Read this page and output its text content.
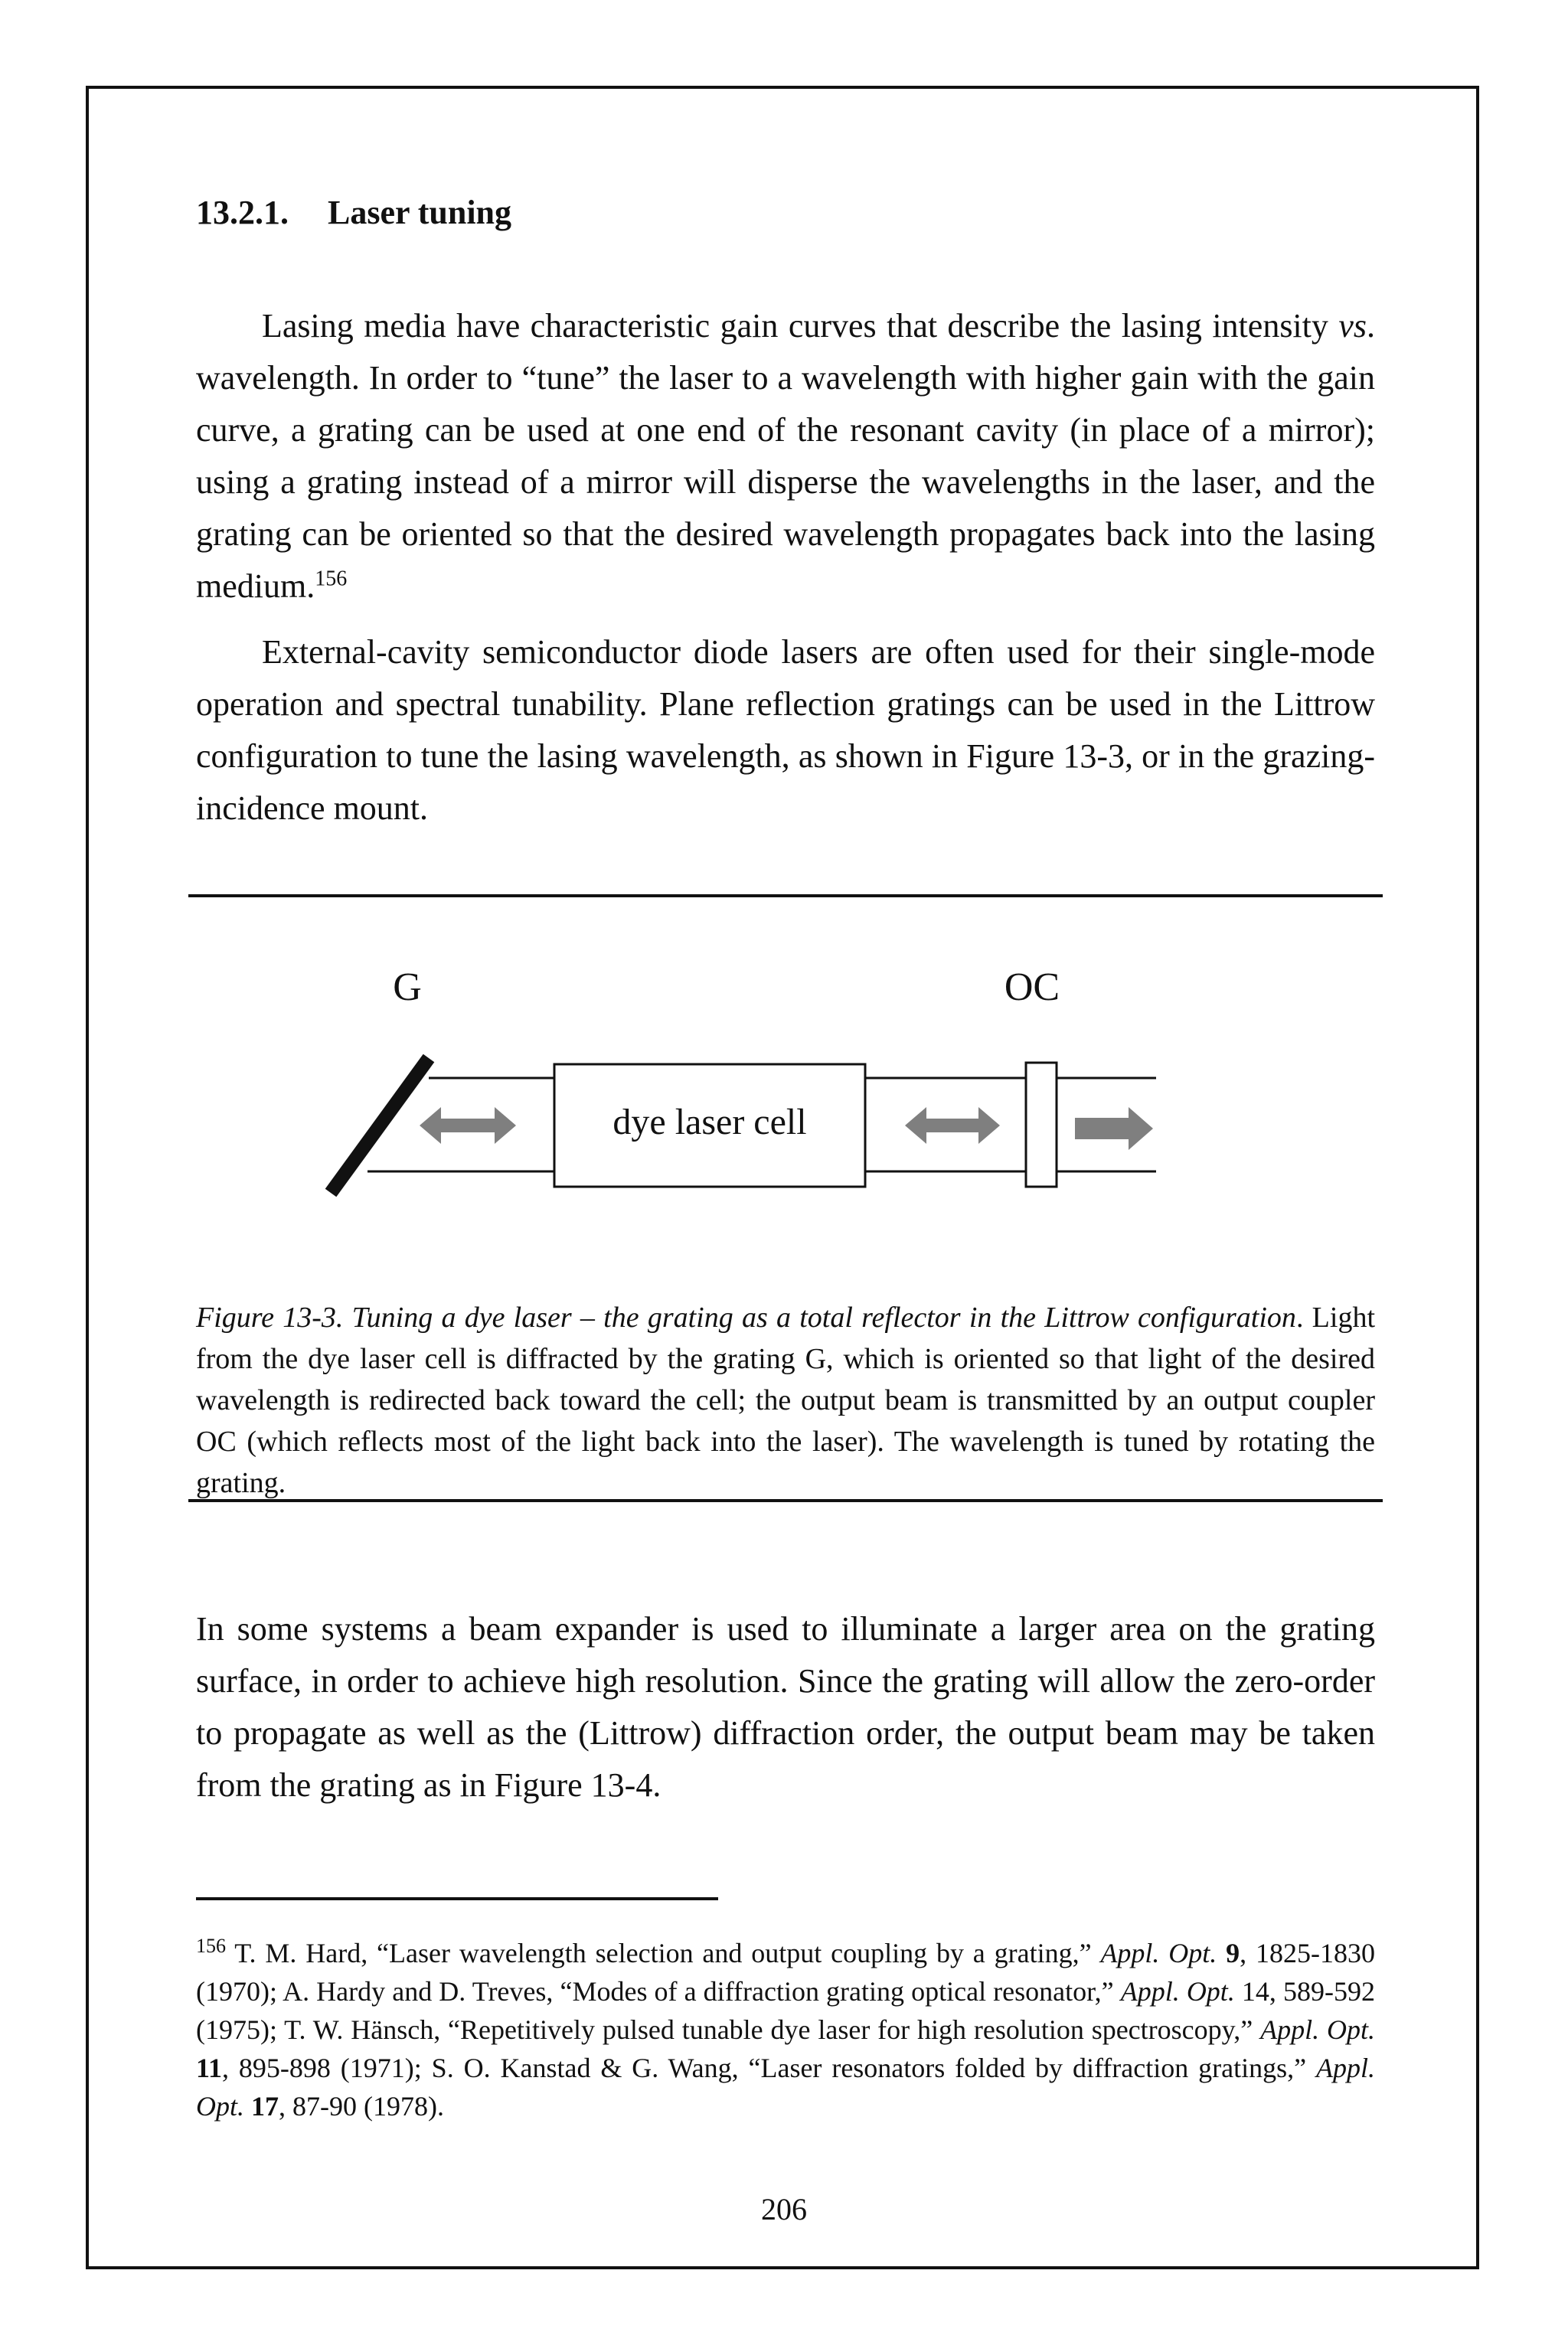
13.2.1. Laser tuning

Lasing media have characteristic gain curves that describe the lasing intensity vs. wavelength. In order to “tune” the laser to a wavelength with higher gain with the gain curve, a grating can be used at one end of the resonant cavity (in place of a mirror); using a grating instead of a mirror will disperse the wavelengths in the laser, and the grating can be oriented so that the desired wavelength propagates back into the lasing medium.$^{156}$

External-cavity semiconductor diode lasers are often used for their single-mode operation and spectral tunability. Plane reflection gratings can be used in the Littrow configuration to tune the lasing wavelength, as shown in Figure 13-3, or in the grazing-incidence mount.

G	OC
dye laser cell

Figure 13-3. Tuning a dye laser – the grating as a total reflector in the Littrow configuration. Light from the dye laser cell is diffracted by the grating G, which is oriented so that light of the desired wavelength is redirected back toward the cell; the output beam is transmitted by an output coupler OC (which reflects most of the light back into the laser). The wavelength is tuned by rotating the grating.

In some systems a beam expander is used to illuminate a larger area on the grating surface, in order to achieve high resolution. Since the grating will allow the zero-order to propagate as well as the (Littrow) diffraction order, the output beam may be taken from the grating as in Figure 13-4.

$^{156}$ T. M. Hard, “Laser wavelength selection and output coupling by a grating,” Appl. Opt. 9, 1825-1830 (1970); A. Hardy and D. Treves, “Modes of a diffraction grating optical resonator,” Appl. Opt. 14, 589-592 (1975); T. W. Hänsch, “Repetitively pulsed tunable dye laser for high resolution spectroscopy,” Appl. Opt. 11, 895-898 (1971); S. O. Kanstad & G. Wang, “Laser resonators folded by diffraction gratings,” Appl. Opt. 17, 87-90 (1978).

206
